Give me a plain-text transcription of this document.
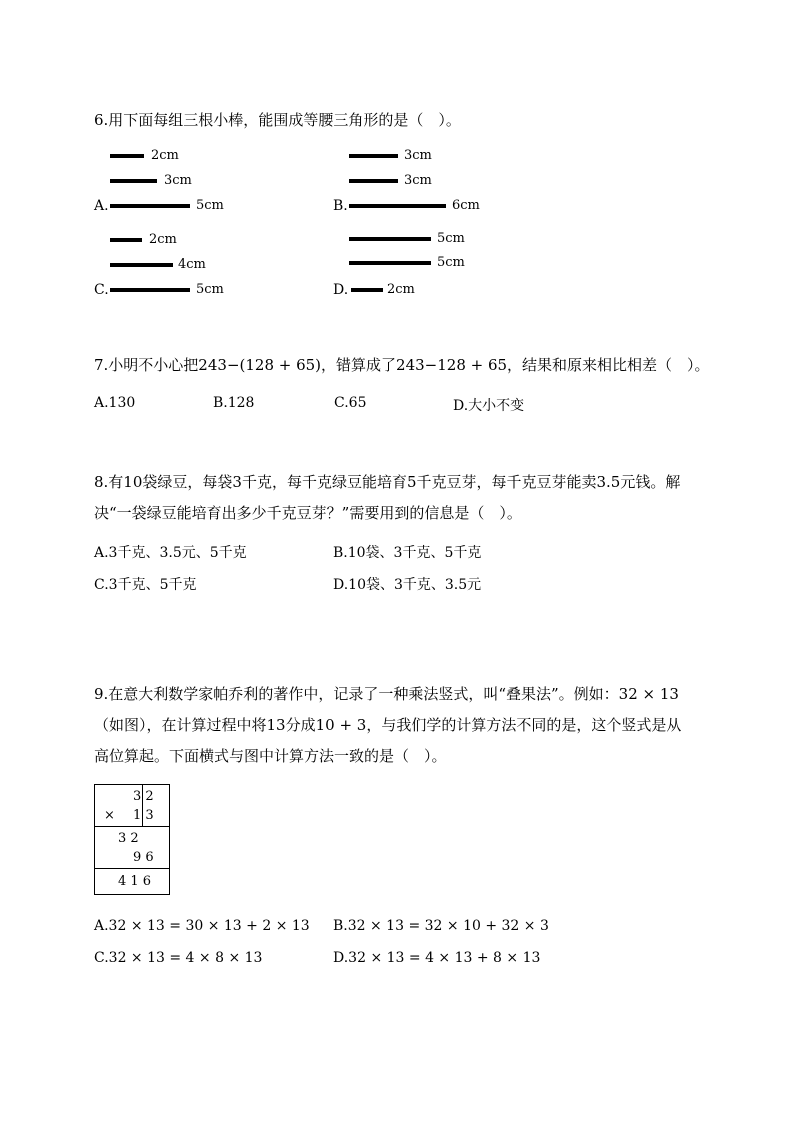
6.用下面每组三根小棒，能围成等腰三角形的是（　）。
2cm
3cm
A.	5cm
3cm
3cm
B.	6cm
2cm
4cm
C.	5cm
5cm
5cm
D.	2cm
7.小明不小心把243−(128 + 65)，错算成了243−128 + 65，结果和原来相比相差（　）。
A.130	B.128	C.65	D.大小不变
8.有10袋绿豆，每袋3千克，每千克绿豆能培育5千克豆芽，每千克豆芽能卖3.5元钱。解
决“一袋绿豆能培育出多少千克豆芽？”需要用到的信息是（　）。
A.3千克、3.5元、5千克	B.10袋、3千克、5千克
C.3千克、5千克	D.10袋、3千克、3.5元
9.在意大利数学家帕乔利的著作中，记录了一种乘法竖式，叫“叠果法”。例如：32 × 13
（如图），在计算过程中将13分成10 + 3，与我们学的计算方法不同的是，这个竖式是从
高位算起。下面横式与图中计算方法一致的是（　）。
3 2
× 1 3
3 2
9 6
4 1 6
A.32 × 13 = 30 × 13 + 2 × 13 B.32 × 13 = 32 × 10 + 32 × 3
C.32 × 13 = 4 × 8 × 13	D.32 × 13 = 4 × 13 + 8 × 13
